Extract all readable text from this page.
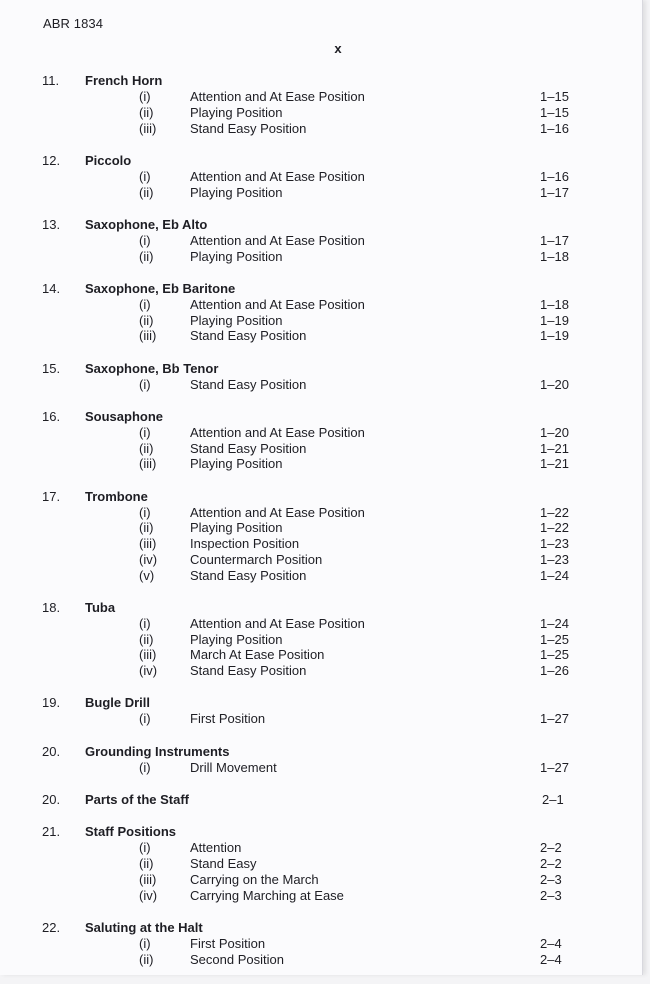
ABR 1834
x
11. French Horn
(i)	Attention and At Ease Position	1–15
(ii)	Playing Position	1–15
(iii)	Stand Easy Position	1–16
12. Piccolo
(i)	Attention and At Ease Position	1–16
(ii)	Playing Position	1–17
13. Saxophone, Eb Alto
(i)	Attention and At Ease Position	1–17
(ii)	Playing Position	1–18
14. Saxophone, Eb Baritone
(i)	Attention and At Ease Position	1–18
(ii)	Playing Position	1–19
(iii)	Stand Easy Position	1–19
15. Saxophone, Bb Tenor
(i)	Stand Easy Position	1–20
16. Sousaphone
(i)	Attention and At Ease Position	1–20
(ii)	Stand Easy Position	1–21
(iii)	Playing Position	1–21
17. Trombone
(i)	Attention and At Ease Position	1–22
(ii)	Playing Position	1–22
(iii)	Inspection Position	1–23
(iv)	Countermarch Position	1–23
(v)	Stand Easy Position	1–24
18. Tuba
(i)	Attention and At Ease Position	1–24
(ii)	Playing Position	1–25
(iii)	March At Ease Position	1–25
(iv)	Stand Easy Position	1–26
19. Bugle Drill
(i)	First Position	1–27
20. Grounding Instruments
(i)	Drill Movement	1–27
20. Parts of the Staff	2–1
21. Staff Positions
(i)	Attention	2–2
(ii)	Stand Easy	2–2
(iii)	Carrying on the March	2–3
(iv)	Carrying Marching at Ease	2–3
22. Saluting at the Halt
(i)	First Position	2–4
(ii)	Second Position	2–4
